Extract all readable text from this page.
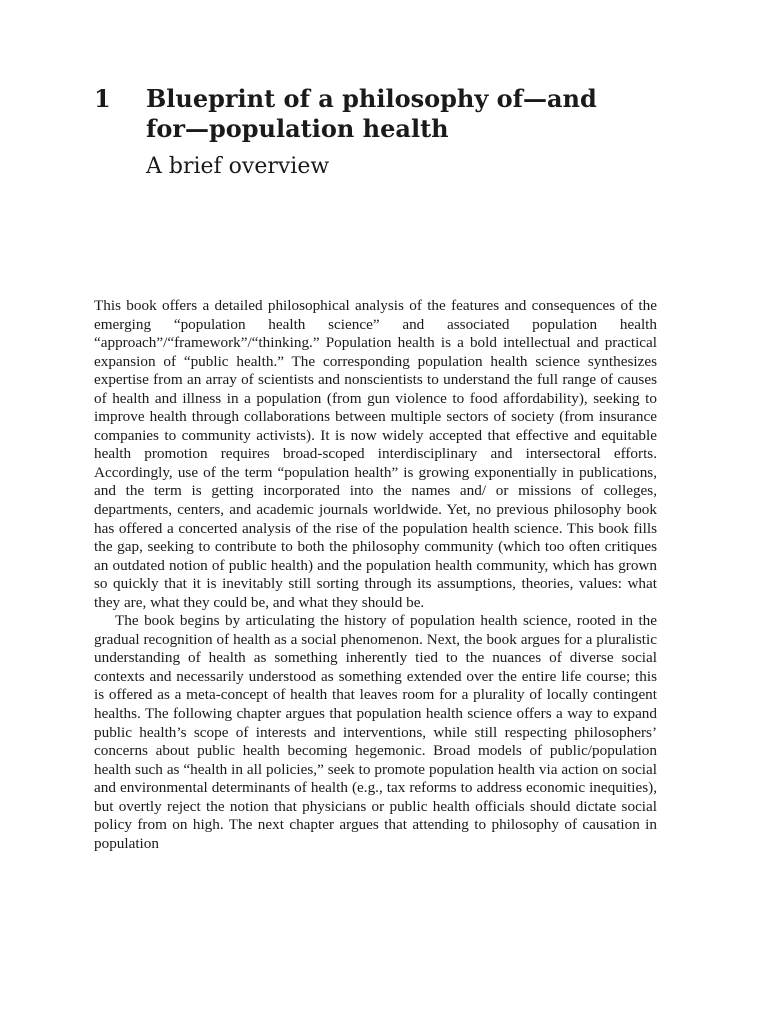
1 Blueprint of a philosophy of—and
for—population health
A brief overview

This book offers a detailed philosophical analysis of the features and consequences of the emerging “population health science” and associated population health “approach”/“framework”/“thinking.” Population health is a bold intellectual and practical expansion of “public health.” The corresponding population health science synthesizes expertise from an array of scientists and nonscientists to understand the full range of causes of health and illness in a population (from gun violence to food affordability), seeking to improve health through collaborations between multiple sectors of society (from insurance companies to community activists). It is now widely accepted that effective and equitable health promotion requires broad-scoped interdisciplinary and intersectoral efforts. Accordingly, use of the term “population health” is growing exponentially in publications, and the term is getting incorporated into the names and/ or missions of colleges, departments, centers, and academic journals worldwide. Yet, no previous philosophy book has offered a concerted analysis of the rise of the population health science. This book fills the gap, seeking to contribute to both the philosophy community (which too often critiques an outdated notion of public health) and the population health community, which has grown so quickly that it is inevitably still sorting through its assumptions, theories, values: what they are, what they could be, and what they should be.

The book begins by articulating the history of population health science, rooted in the gradual recognition of health as a social phenomenon. Next, the book argues for a pluralistic understanding of health as something inherently tied to the nuances of diverse social contexts and necessarily understood as something extended over the entire life course; this is offered as a meta-concept of health that leaves room for a plurality of locally contingent healths. The following chapter argues that population health science offers a way to expand public health’s scope of interests and interventions, while still respecting philosophers’ concerns about public health becoming hegemonic. Broad models of public/population health such as “health in all policies,” seek to promote population health via action on social and environmental determinants of health (e.g., tax reforms to address economic inequities), but overtly reject the notion that physicians or public health officials should dictate social policy from on high. The next chapter argues that attending to philosophy of causation in population
